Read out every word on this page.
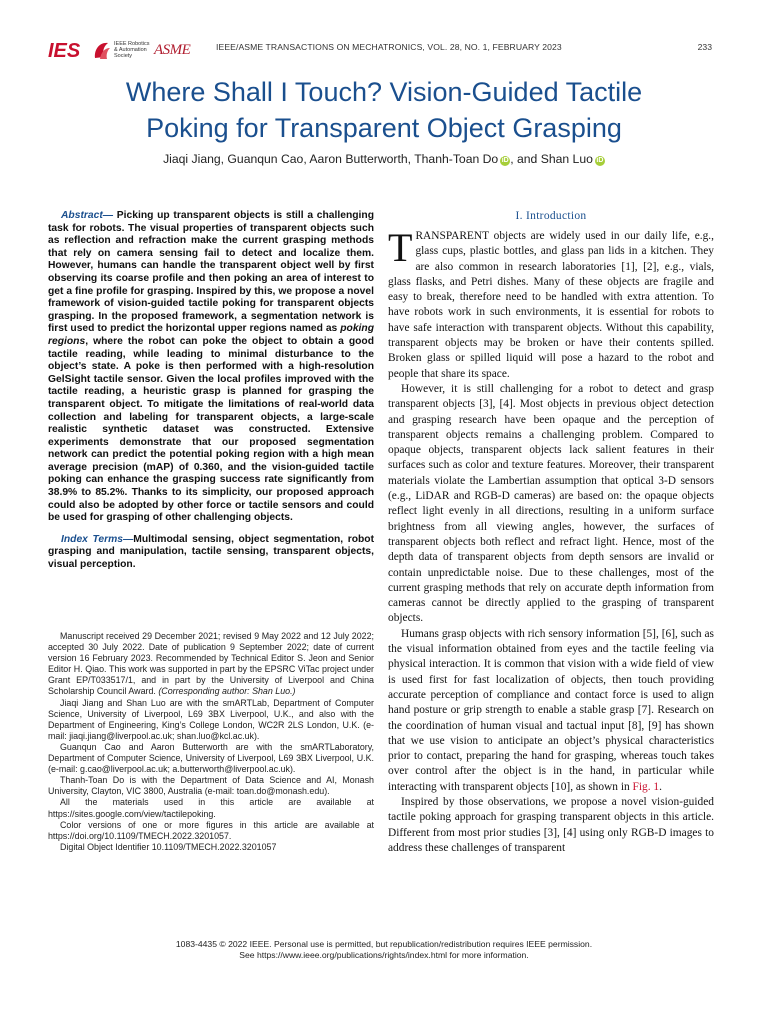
IES	IEEE Robotics & Automation Society	ASME	IEEE/ASME TRANSACTIONS ON MECHATRONICS, VOL. 28, NO. 1, FEBRUARY 2023	233
Where Shall I Touch? Vision-Guided Tactile
Poking for Transparent Object Grasping
Jiaqi Jiang, Guanqun Cao, Aaron Butterworth, Thanh-Toan Do iD , and Shan Luo iD

Abstract— Picking up transparent objects is still a challenging task for robots. The visual properties of transparent objects such as reflection and refraction make the current grasping methods that rely on camera sensing fail to detect and localize them. However, humans can handle the transparent object well by first observing its coarse profile and then poking an area of interest to get a fine profile for grasping. Inspired by this, we propose a novel framework of vision-guided tactile poking for transparent objects grasping. In the proposed framework, a segmentation network is first used to predict the horizontal upper regions named as poking regions, where the robot can poke the object to obtain a good tactile reading, while leading to minimal disturbance to the object’s state. A poke is then performed with a high-resolution GelSight tactile sensor. Given the local profiles improved with the tactile reading, a heuristic grasp is planned for grasping the transparent object. To mitigate the limitations of real-world data collection and labeling for transparent objects, a large-scale realistic synthetic dataset was constructed. Extensive experiments demonstrate that our proposed segmentation network can predict the potential poking region with a high mean average precision (mAP) of 0.360, and the vision-guided tactile poking can enhance the grasping success rate significantly from 38.9% to 85.2%. Thanks to its simplicity, our proposed approach could also be adopted by other force or tactile sensors and could be used for grasping of other challenging objects.

Index Terms—Multimodal sensing, object segmentation, robot grasping and manipulation, tactile sensing, transparent objects, visual perception.

Manuscript received 29 December 2021; revised 9 May 2022 and 12 July 2022; accepted 30 July 2022. Date of publication 9 September 2022; date of current version 16 February 2023. Recommended by Technical Editor S. Jeon and Senior Editor H. Qiao. This work was supported in part by the EPSRC ViTac project under Grant EP/T033517/1, and in part by the University of Liverpool and China Scholarship Council Award. (Corresponding author: Shan Luo.)

Jiaqi Jiang and Shan Luo are with the smARTLab, Department of Computer Science, University of Liverpool, L69 3BX Liverpool, U.K., and also with the Department of Engineering, King’s College London, WC2R 2LS London, U.K. (e-mail: jiaqi.jiang@liverpool.ac.uk; shan.luo@kcl.ac.uk).

Guanqun Cao and Aaron Butterworth are with the smARTLaboratory, Department of Computer Science, University of Liverpool, L69 3BX Liverpool, U.K. (e-mail: g.cao@liverpool.ac.uk; a.butterworth@liverpool.ac.uk).

Thanh-Toan Do is with the Department of Data Science and AI, Monash University, Clayton, VIC 3800, Australia (e-mail: toan.do@monash.edu).

All the materials used in this article are available at https://sites.google.com/view/tactilepoking.

Color versions of one or more figures in this article are available at https://doi.org/10.1109/TMECH.2022.3201057.

Digital Object Identifier 10.1109/TMECH.2022.3201057

I. Introduction

TRANSPARENT objects are widely used in our daily life, e.g., glass cups, plastic bottles, and glass pan lids in a kitchen. They are also common in research laboratories [1], [2], e.g., vials, glass flasks, and Petri dishes. Many of these objects are fragile and easy to break, therefore need to be handled with extra attention. To have robots work in such environments, it is essential for robots to have safe interaction with transparent objects. Without this capability, transparent objects may be broken or have their contents spilled. Broken glass or spilled liquid will pose a hazard to the robot and people that share its space.

However, it is still challenging for a robot to detect and grasp transparent objects [3], [4]. Most objects in previous object detection and grasping research have been opaque and the perception of transparent objects remains a challenging problem. Compared to opaque objects, transparent objects lack salient features in their surfaces such as color and texture features. Moreover, their transparent materials violate the Lambertian assumption that optical 3-D sensors (e.g., LiDAR and RGB-D cameras) are based on: the opaque objects reflect light evenly in all directions, resulting in a uniform surface brightness from all viewing angles, however, the surfaces of transparent objects both reflect and refract light. Hence, most of the depth data of transparent objects from depth sensors are invalid or contain unpredictable noise. Due to these challenges, most of the current grasping methods that rely on accurate depth information from cameras cannot be directly applied to the grasping of transparent objects.

Humans grasp objects with rich sensory information [5], [6], such as the visual information obtained from eyes and the tactile feeling via physical interaction. It is common that vision with a wide field of view is used first for fast localization of objects, then touch providing accurate perception of compliance and contact force is used to align hand posture or grip strength to enable a stable grasp [7]. Research on the coordination of human visual and tactual input [8], [9] has shown that we use vision to anticipate an object’s physical characteristics prior to contact, preparing the hand for grasping, whereas touch takes over control after the object is in the hand, in particular while interacting with transparent objects [10], as shown in Fig. 1.

Inspired by those observations, we propose a novel vision-guided tactile poking approach for grasping transparent objects in this article. Different from most prior studies [3], [4] using only RGB-D images to address these challenges of transparent

1083-4435 © 2022 IEEE. Personal use is permitted, but republication/redistribution requires IEEE permission.
See https://www.ieee.org/publications/rights/index.html for more information.
